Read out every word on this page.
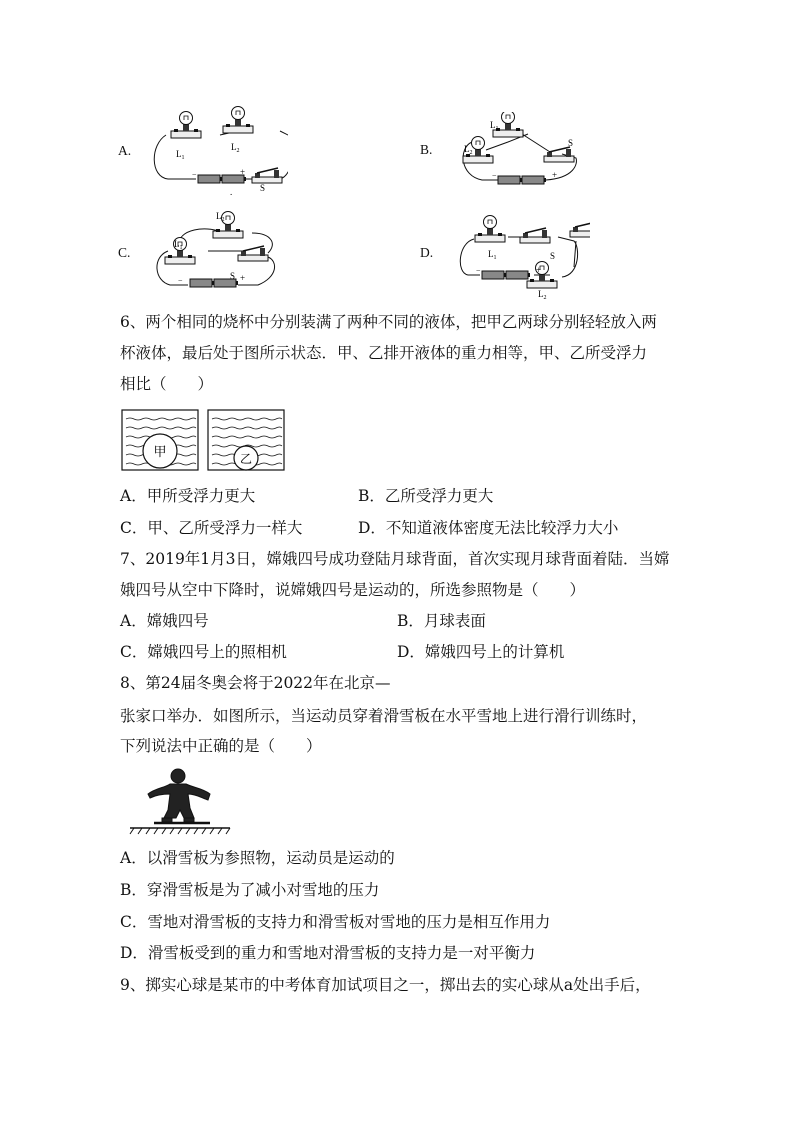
A.	$L_1$
$L_2$
−	+
S
.
B.
$L_1$
$L_2$
−	+
S
C.
$L_2$
$L_1$
−	+
S
D.	$L_1$
$L_2$
−	+
S
6、两个相同的烧杯中分别装满了两种不同的液体，把甲乙两球分别轻轻放入两
杯液体，最后处于图所示状态．甲、乙排开液体的重力相等，甲、乙所受浮力
相比（　　）
甲	乙
A．甲所受浮力更大	B．乙所受浮力更大
C．甲、乙所受浮力一样大	D．不知道液体密度无法比较浮力大小
7、2019年1月3日，嫦娥四号成功登陆月球背面，首次实现月球背面着陆．当嫦
娥四号从空中下降时，说嫦娥四号是运动的，所选参照物是（　　）
A．嫦娥四号	B．月球表面
C．嫦娥四号上的照相机	D．嫦娥四号上的计算机
8、第24届冬奥会将于2022年在北京—
张家口举办．如图所示，当运动员穿着滑雪板在水平雪地上进行滑行训练时，
下列说法中正确的是（　　）
A．以滑雪板为参照物，运动员是运动的
B．穿滑雪板是为了减小对雪地的压力
C．雪地对滑雪板的支持力和滑雪板对雪地的压力是相互作用力
D．滑雪板受到的重力和雪地对滑雪板的支持力是一对平衡力
9、掷实心球是某市的中考体育加试项目之一，掷出去的实心球从a处出手后，
